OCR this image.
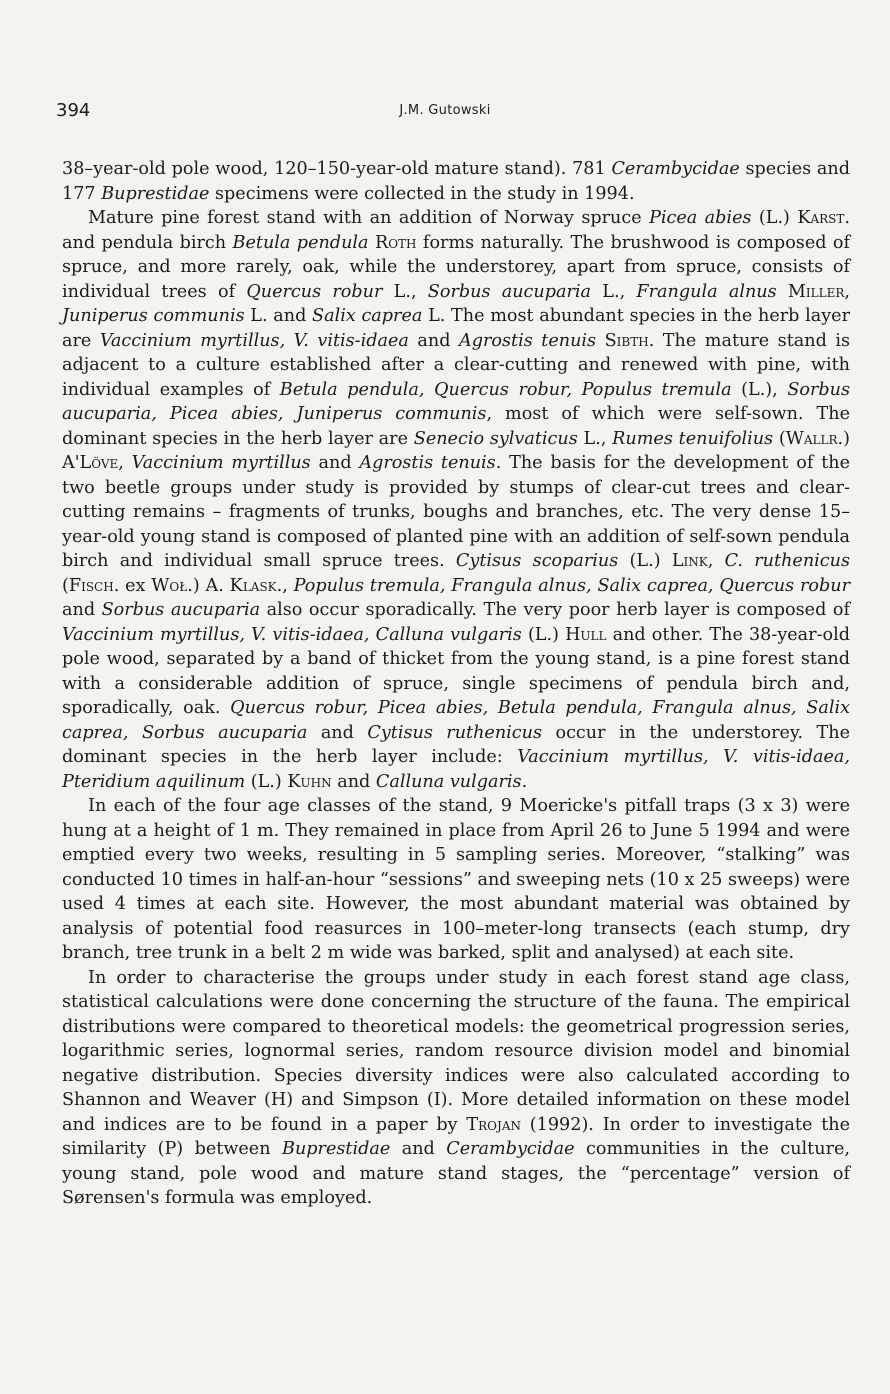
394	J.M. Gutowski

38–year-old pole wood, 120–150-year-old mature stand). 781 Cerambycidae species and 177 Buprestidae specimens were collected in the study in 1994.

Mature pine forest stand with an addition of Norway spruce Picea abies (L.) Karst. and pendula birch Betula pendula Roth forms naturally. The brushwood is composed of spruce, and more rarely, oak, while the understorey, apart from spruce, consists of individual trees of Quercus robur L., Sorbus aucuparia L., Frangula alnus Miller, Juniperus communis L. and Salix caprea L. The most abundant species in the herb layer are Vaccinium myrtillus, V. vitis-idaea and Agrostis tenuis Sibth. The mature stand is adjacent to a culture established after a clear-cutting and renewed with pine, with individual examples of Betula pendula, Quercus robur, Populus tremula (L.), Sorbus aucuparia, Picea abies, Juniperus communis, most of which were self-sown. The dominant species in the herb layer are Senecio sylvaticus L., Rumes tenuifolius (Wallr.) A'Löve, Vaccinium myrtillus and Agrostis tenuis. The basis for the development of the two beetle groups under study is provided by stumps of clear-cut trees and clear-cutting remains – fragments of trunks, boughs and branches, etc. The very dense 15–year-old young stand is composed of planted pine with an addition of self-sown pendula birch and individual small spruce trees. Cytisus scoparius (L.) Link, C. ruthenicus (Fisch. ex Woł.) A. Klask., Populus tremula, Frangula alnus, Salix caprea, Quercus robur and Sorbus aucuparia also occur sporadically. The very poor herb layer is composed of Vaccinium myrtillus, V. vitis-idaea, Calluna vulgaris (L.) Hull and other. The 38-year-old pole wood, separated by a band of thicket from the young stand, is a pine forest stand with a considerable addition of spruce, single specimens of pendula birch and, sporadically, oak. Quercus robur, Picea abies, Betula pendula, Frangula alnus, Salix caprea, Sorbus aucuparia and Cytisus ruthenicus occur in the understorey. The dominant species in the herb layer include: Vaccinium myrtillus, V. vitis-idaea, Pteridium aquilinum (L.) Kuhn and Calluna vulgaris.

In each of the four age classes of the stand, 9 Moericke's pitfall traps (3 x 3) were hung at a height of 1 m. They remained in place from April 26 to June 5 1994 and were emptied every two weeks, resulting in 5 sampling series. Moreover, “stalking” was conducted 10 times in half-an-hour “sessions” and sweeping nets (10 x 25 sweeps) were used 4 times at each site. However, the most abundant material was obtained by analysis of potential food reasurces in 100–meter-long transects (each stump, dry branch, tree trunk in a belt 2 m wide was barked, split and analysed) at each site.

In order to characterise the groups under study in each forest stand age class, statistical calculations were done concerning the structure of the fauna. The empirical distributions were compared to theoretical models: the geometrical progression series, logarithmic series, lognormal series, random resource division model and binomial negative distribution. Species diversity indices were also calculated according to Shannon and Weaver (H) and Simpson (I). More detailed information on these model and indices are to be found in a paper by Trojan (1992). In order to investigate the similarity (P) between Buprestidae and Cerambycidae communities in the culture, young stand, pole wood and mature stand stages, the “percentage” version of Sørensen's formula was employed.
